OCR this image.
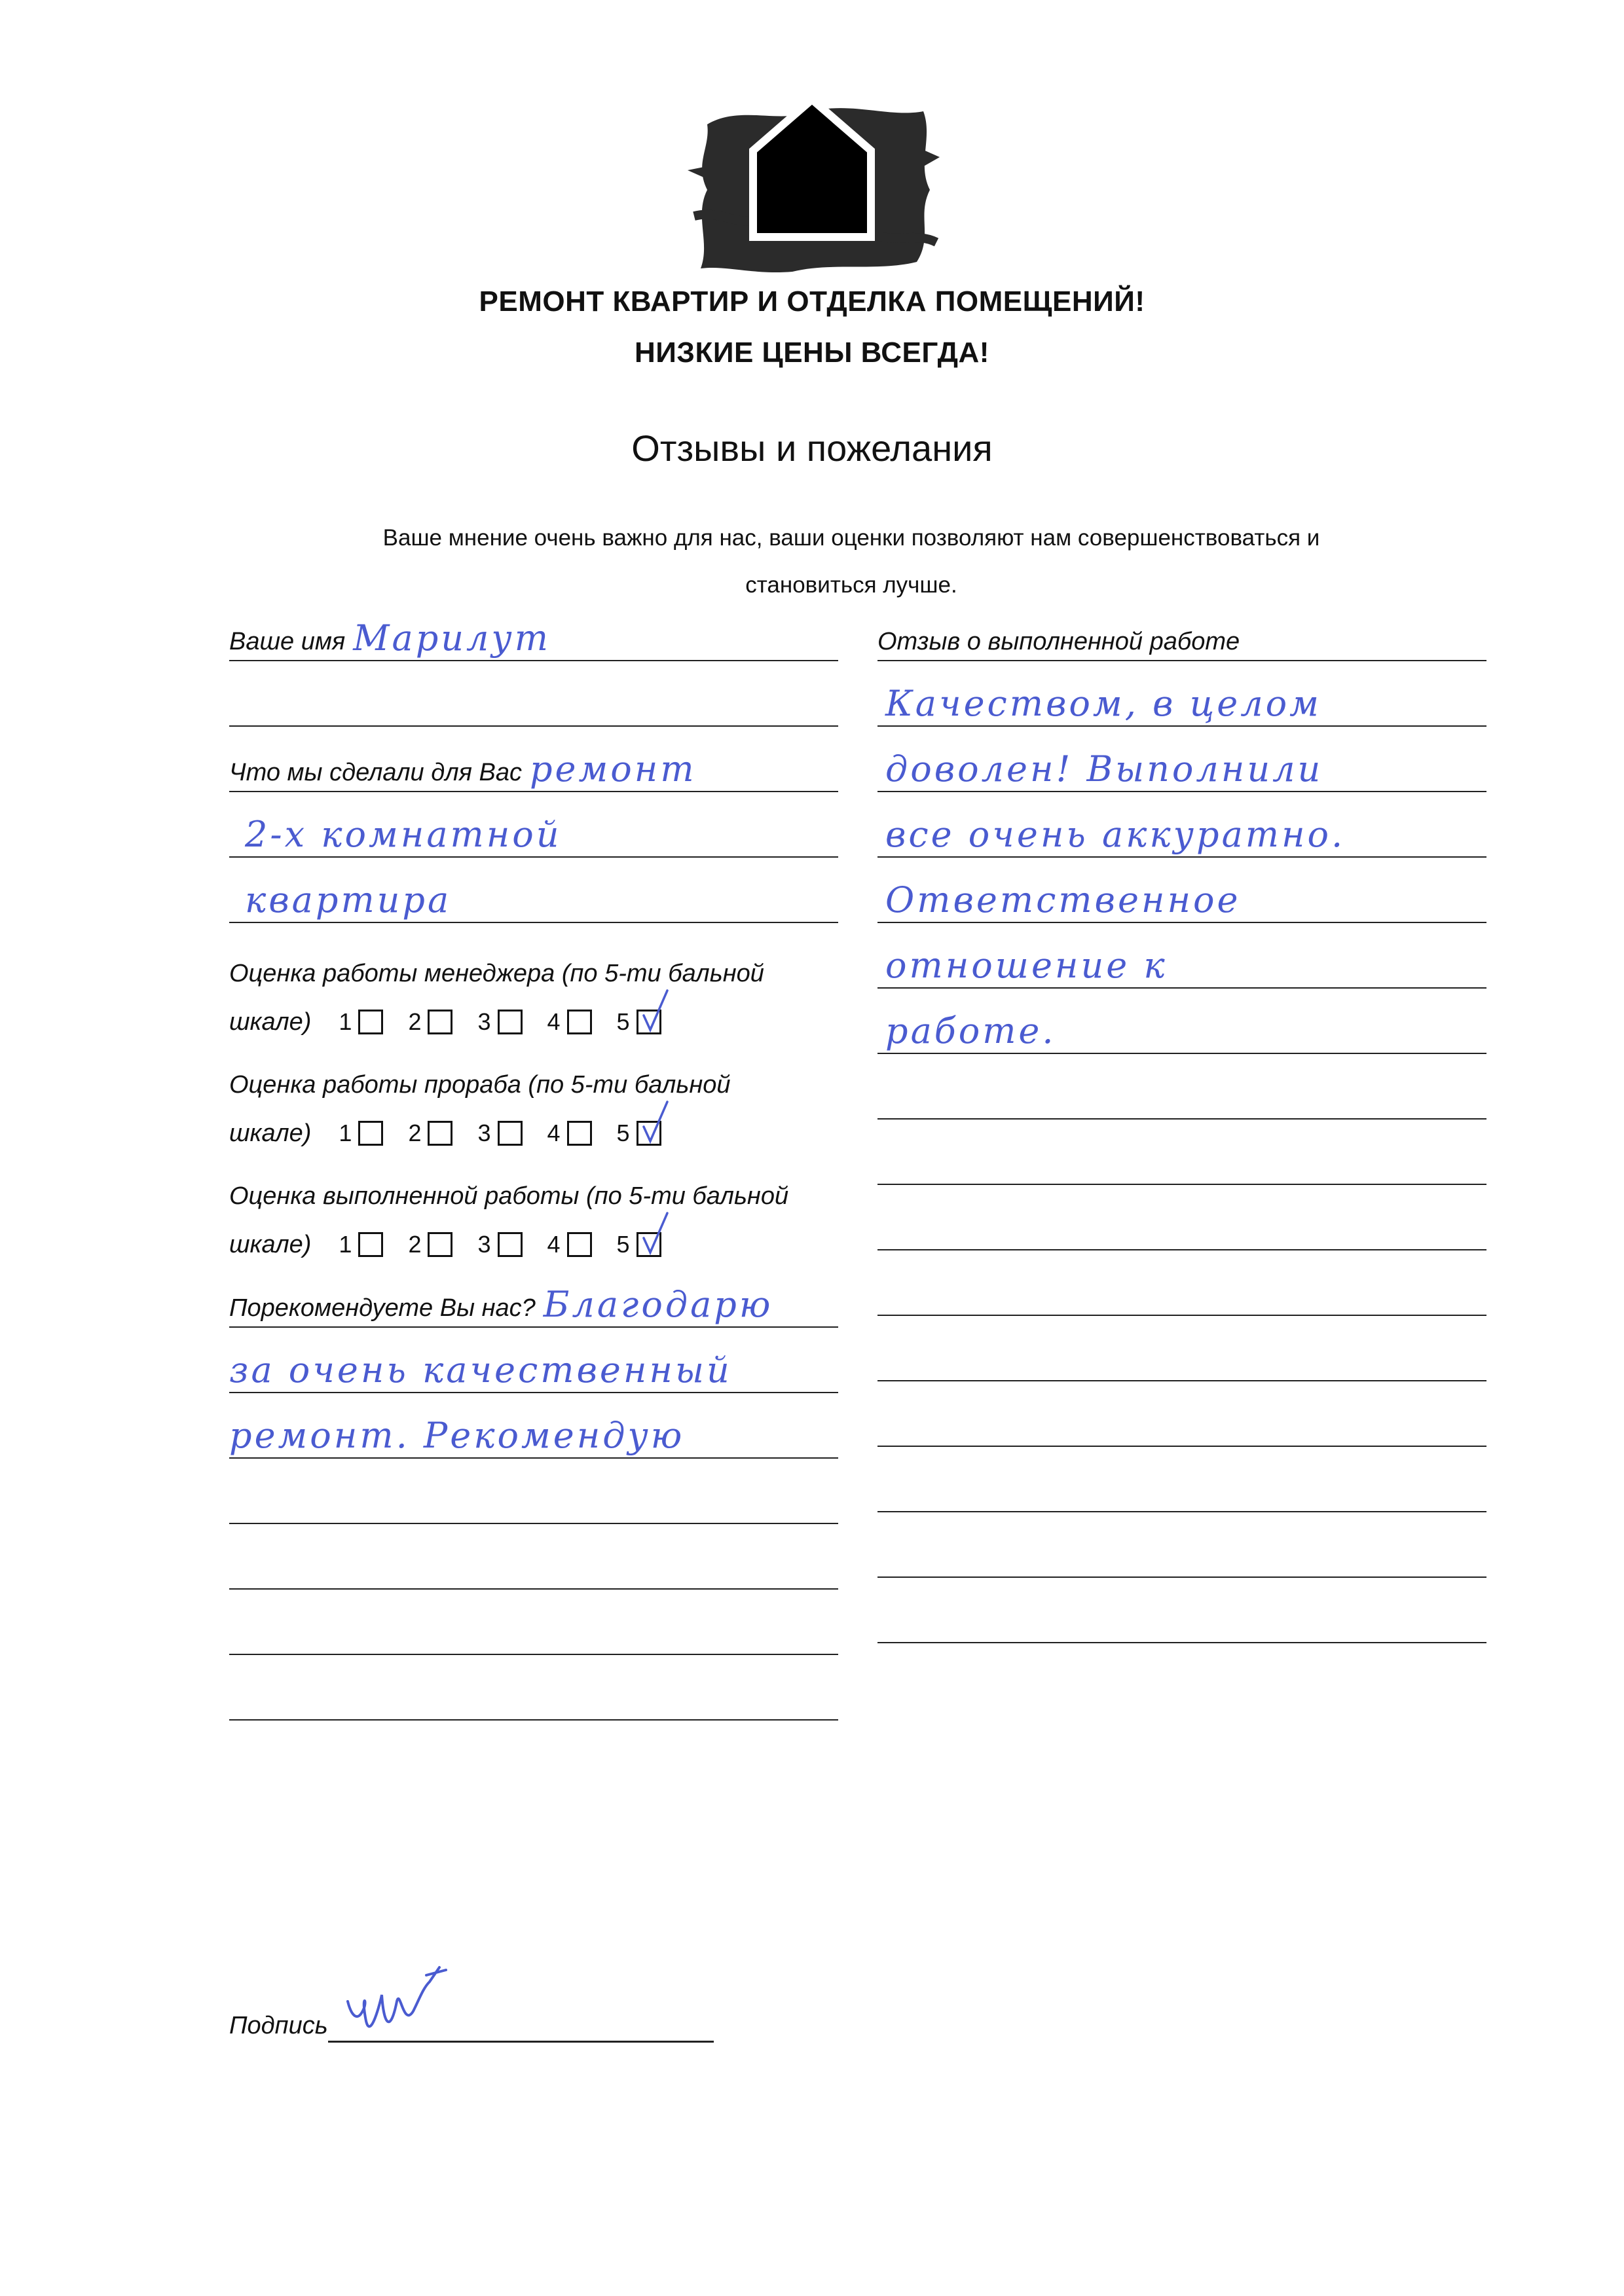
РЕМОНТ КВАРТИР И ОТДЕЛКА ПОМЕЩЕНИЙ!
НИЗКИЕ ЦЕНЫ ВСЕГДА!
Отзывы и пожелания
Ваше мнение очень важно для нас, ваши оценки позволяют нам совершенствоваться и
становиться лучше.
Ваше имя Марилут
Что мы сделали для Вас ремонт
2-х комнатной
квартира
Оценка работы менеджера (по 5-ти бальной
шкале) 1 2 3 4 5
Оценка работы прораба (по 5-ти бальной
шкале) 1 2 3 4 5
Оценка выполненной работы (по 5-ти бальной
шкале) 1 2 3 4 5
Порекомендуете Вы нас? Благодарю
за очень качественный
ремонт. Рекомендую
Отзыв о выполненной работе
Качеством, в целом
доволен! Выполнили
все очень аккуратно.
Ответственное
отношение к
работе.
Подпись
